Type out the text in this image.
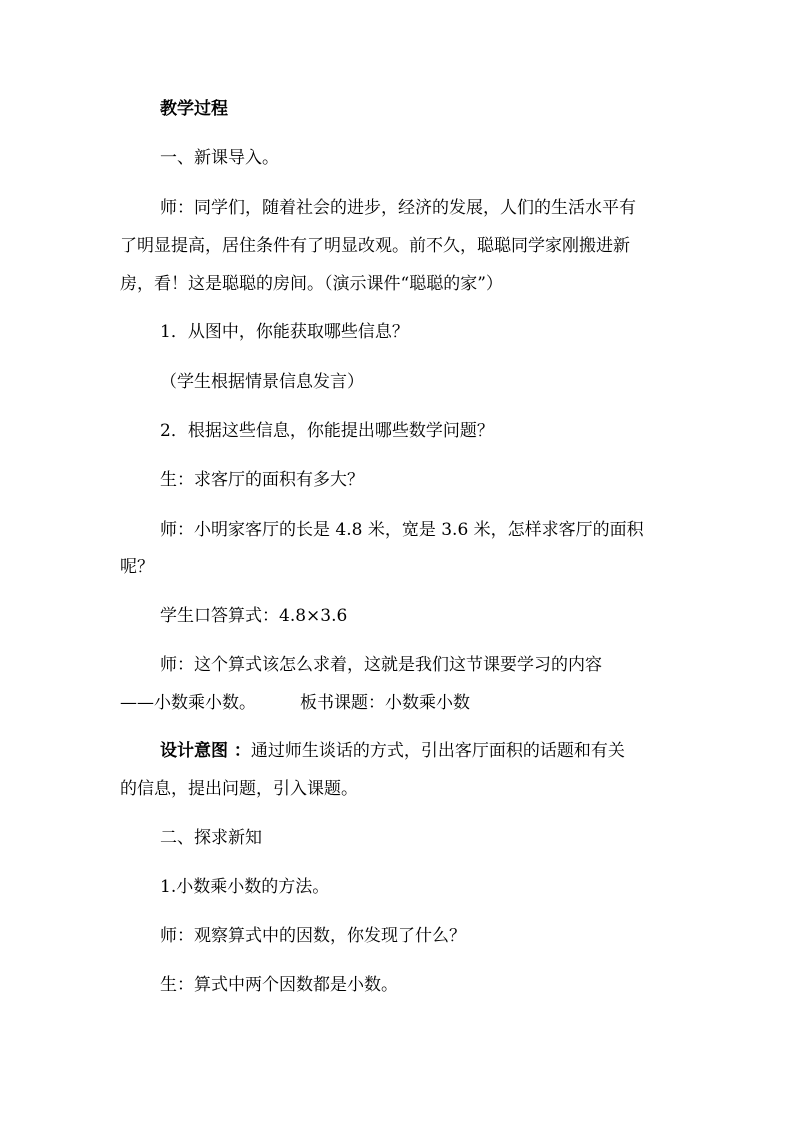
教学过程
一、新课导入。
师：同学们，随着社会的进步，经济的发展，人们的生活水平有
了明显提高，居住条件有了明显改观。前不久，聪聪同学家刚搬进新
房，看！这是聪聪的房间。（演示课件“聪聪的家”）
1．从图中，你能获取哪些信息？
（学生根据情景信息发言）
2．根据这些信息，你能提出哪些数学问题？
生：求客厅的面积有多大？
师：小明家客厅的长是 4.8 米，宽是 3.6 米，怎样求客厅的面积
呢？
学生口答算式：4.8×3.6
师：这个算式该怎么求着，这就是我们这节课要学习的内容
——小数乘小数。	板书课题：小数乘小数
设计意图 ：通过师生谈话的方式，引出客厅面积的话题和有关
的信息，提出问题，引入课题。
二、探求新知
1.小数乘小数的方法。
师：观察算式中的因数，你发现了什么？
生：算式中两个因数都是小数。
